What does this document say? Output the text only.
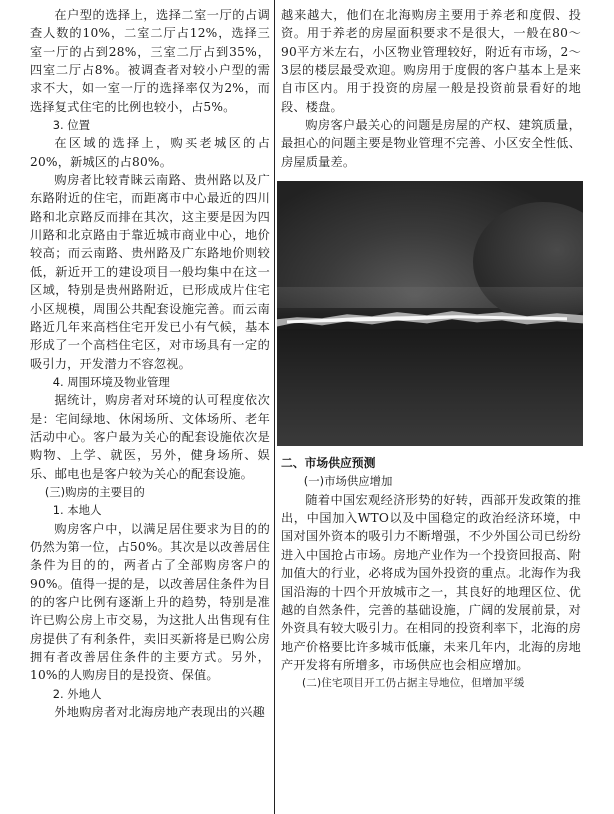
在户型的选择上，选择二室一厅的占调查人数的10%，二室二厅占12%，选择三室一厅的占到28%，三室二厅占到35%，四室二厅占8%。被调查者对较小户型的需求不大，如一室一厅的选择率仅为2%，而选择复式住宅的比例也较小，占5%。

3. 位置

在区域的选择上，购买老城区的占20%，新城区的占80%。

购房者比较青睐云南路、贵州路以及广东路附近的住宅，而距离市中心最近的四川路和北京路反而排在其次，这主要是因为四川路和北京路由于靠近城市商业中心，地价较高；而云南路、贵州路及广东路地价则较低，新近开工的建设项目一般均集中在这一区域，特别是贵州路附近，已形成成片住宅小区规模，周围公共配套设施完善。而云南路近几年来高档住宅开发已小有气候，基本形成了一个高档住宅区，对市场具有一定的吸引力，开发潜力不容忽视。

4. 周围环境及物业管理

据统计，购房者对环境的认可程度依次是：宅间绿地、休闲场所、文体场所、老年活动中心。客户最为关心的配套设施依次是购物、上学、就医，另外，健身场所、娱乐、邮电也是客户较为关心的配套设施。

(三)购房的主要目的
1. 本地人

购房客户中，以满足居住要求为目的的仍然为第一位，占50%。其次是以改善居住条件为目的的，两者占了全部购房客户的90%。值得一提的是，以改善居住条件为目的的客户比例有逐渐上升的趋势，特别是准许已购公房上市交易，为这批人出售现有住房提供了有利条件，卖旧买新将是已购公房拥有者改善居住条件的主要方式。另外，10%的人购房目的是投资、保值。

2. 外地人

外地购房者对北海房地产表现出的兴趣

越来越大，他们在北海购房主要用于养老和度假、投资。用于养老的房屋面积要求不是很大，一般在80～90平方米左右，小区物业管理较好，附近有市场，2～3层的楼层最受欢迎。购房用于度假的客户基本上是来自市区内。用于投资的房屋一般是投资前景看好的地段、楼盘。

购房客户最关心的问题是房屋的产权、建筑质量，最担心的问题主要是物业管理不完善、小区安全性低、房屋质量差。

二、市场供应预测
(一)市场供应增加

随着中国宏观经济形势的好转，西部开发政策的推出，中国加入WTO以及中国稳定的政治经济环境，中国对国外资本的吸引力不断增强，不少外国公司已纷纷进入中国抢占市场。房地产业作为一个投资回报高、附加值大的行业，必将成为国外投资的重点。北海作为我国沿海的十四个开放城市之一，其良好的地理区位、优越的自然条件，完善的基础设施，广阔的发展前景，对外资具有较大吸引力。在相同的投资利率下，北海的房地产价格要比许多城市低廉，未来几年内，北海的房地产开发将有所增多，市场供应也会相应增加。

(二)住宅项目开工仍占据主导地位，但增加平缓
